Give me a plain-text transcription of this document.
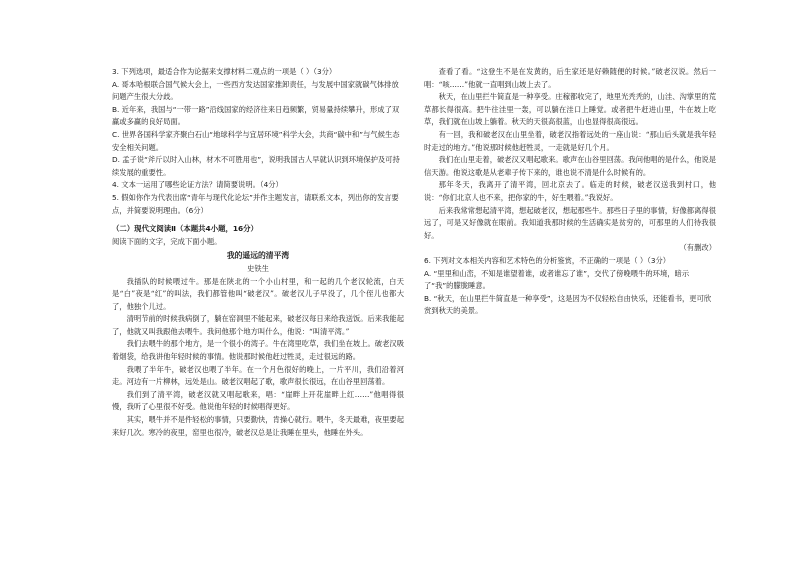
3. 下列选项，最适合作为论据来支撑材料二观点的一项是（ ）（3分）

A. 哥本哈根联合国气候大会上，一些西方发达国家推卸责任，与发展中国家就碳气体排放问题产生很大分歧。

B. 近年来，我国与“一带一路”沿线国家的经济往来日趋频繁，贸易量持续攀升，形成了双赢或多赢的良好局面。

C. 世界各国科学家齐聚白石山“地球科学与宜居环境”科学大会，共商“碳中和”与气候生态安全相关问题。

D. 孟子说“斧斤以时入山林，材木不可胜用也”，说明我国古人早就认识到环境保护及可持续发展的重要性。

4. 文本一运用了哪些论证方法？请简要说明。（4分）

5. 假如你作为代表出席“青年与现代化论坛”并作主题发言，请联系文本，列出你的发言要点，并简要说明理由。（6分）

（二）现代文阅读Ⅱ（本题共4小题，16分）

阅读下面的文字，完成下面小题。

我的遥远的清平湾

史铁生

我插队的时候喂过牛。那是在陕北的一个小山村里，和一起的几个老汉轮流，白天是“白”夜是“红”的叫法，我们都管他叫“破老汉”。破老汉儿子早没了，几个侄儿也都大了，他独个儿过。

清明节前的时候我病倒了，躺在窑洞里不能起来，破老汉每日来给我送饭。后来我能起了，他就又叫我跟他去喂牛。我问他那个地方叫什么，他说：“叫清平湾。”

我们去喂牛的那个地方，是一个很小的湾子。牛在湾里吃草，我们坐在坡上。破老汉吸着烟袋，给我讲他年轻时候的事情。他说那时候他赶过牲灵，走过很远的路。

我喂了半年牛，破老汉也喂了半年。在一个月色很好的晚上，一片平川，我们沿着河走。河边有一片柳林，远处是山。破老汉唱起了歌，歌声很长很远，在山谷里回荡着。

我们到了清平湾，破老汉就又唱起歌来，唱：“崖畔上开花崖畔上红……”他唱得很慢，我听了心里很不好受。他说他年轻的时候唱得更好。

其实，喂牛并不是件轻松的事情，只要勤快，肯操心就行。喂牛，冬天最难，夜里要起来好几次。寒冷的夜里，窑里也很冷，破老汉总是让我睡在里头，他睡在外头。

查看了看。“这登生不是在发黄的，后生家还是好赖随便的时候。”破老汉说。然后一唱：“咳……”他就一直唱到山坡上去了。

秋天，在山里拦牛简直是一种享受。庄稼都收完了，地里光秃秃的，山洼、沟掌里的荒草都长得很高。把牛往洼里一轰，可以躺在洼口上睡觉。或者把牛赶进山里，牛在坡上吃草，我们就在山坡上躺着。秋天的天很高很蓝，山也显得很高很远。

有一回，我和破老汉在山里坐着，破老汉指着远处的一座山说：“那山后头就是我年轻时走过的地方。”他说那时候他赶牲灵，一走就是好几个月。

我们在山里走着，破老汉又唱起歌来。歌声在山谷里回荡。我问他唱的是什么，他说是信天游。他说这歌是从老辈子传下来的，谁也说不清是什么时候有的。

那年冬天，我离开了清平湾，回北京去了。临走的时候，破老汉送我到村口，他说：“你们北京人也不来，把你家的牛，好生喂着。”我说好。

后来我常常想起清平湾，想起破老汉，想起那些牛。那些日子里的事情，好像都离得很远了，可是又好像就在眼前。我知道我那时候的生活确实是贫穷的，可那里的人们待我很好。

（有删改）

6. 下列对文本相关内容和艺术特色的分析鉴赏，不正确的一项是（ ）（3分）

A. “里里和山峦，不知是谁望着谁，或者谁忘了谁”，交代了傍晚喂牛的环境，暗示了“我”的朦胧睡意。

B. “秋天，在山里拦牛简直是一种享受”，这是因为不仅轻松自由快乐，还能看书，更可欣赏到秋天的美景。
